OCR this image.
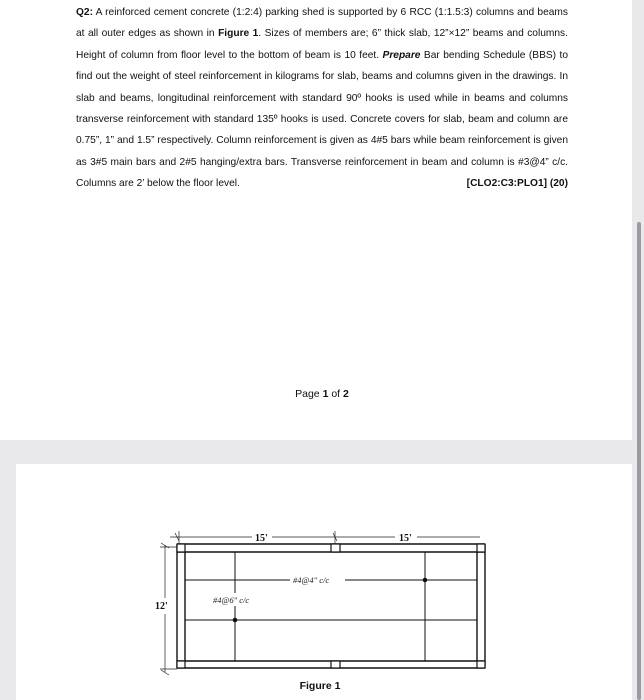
Q2: A reinforced cement concrete (1:2:4) parking shed is supported by 6 RCC (1:1.5:3) columns and beams at all outer edges as shown in Figure 1. Sizes of members are; 6” thick slab, 12”×12” beams and columns. Height of column from floor level to the bottom of beam is 10 feet. Prepare Bar bending Schedule (BBS) to find out the weight of steel reinforcement in kilograms for slab, beams and columns given in the drawings. In slab and beams, longitudinal reinforcement with standard 90º hooks is used while in beams and columns transverse reinforcement with standard 135º hooks is used. Concrete covers for slab, beam and column are 0.75”, 1” and 1.5” respectively. Column reinforcement is given as 4#5 bars while beam reinforcement is given as 3#5 main bars and 2#5 hanging/extra bars. Transverse reinforcement in beam and column is #3@4” c/c. Columns are 2’ below the floor level.	[CLO2:C3:PLO1] (20)

Page 1 of 2
15'	15'
12'
#4@4" c/c
#4@6" c/c
Figure 1
